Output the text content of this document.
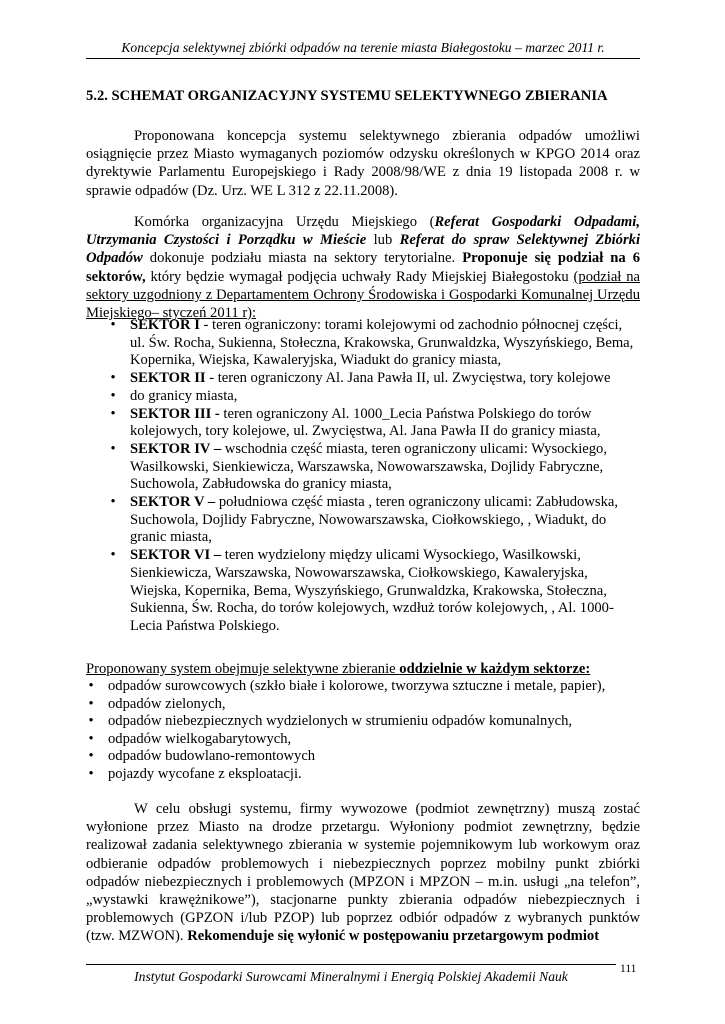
Koncepcja selektywnej zbiórki odpadów na terenie miasta Białegostoku – marzec 2011 r.
5.2. SCHEMAT ORGANIZACYJNY SYSTEMU SELEKTYWNEGO ZBIERANIA
Proponowana koncepcja systemu selektywnego zbierania odpadów umożliwi osiągnięcie przez Miasto wymaganych poziomów odzysku określonych w KPGO 2014 oraz dyrektywie Parlamentu Europejskiego i Rady 2008/98/WE z dnia 19 listopada 2008 r. w sprawie odpadów (Dz. Urz. WE L 312 z 22.11.2008).
Komórka organizacyjna Urzędu Miejskiego (Referat Gospodarki Odpadami, Utrzymania Czystości i Porządku w Mieście lub Referat do spraw Selektywnej Zbiórki Odpadów dokonuje podziału miasta na sektory terytorialne. Proponuje się podział na 6 sektorów, który będzie wymagał podjęcia uchwały Rady Miejskiej Białegostoku (podział na sektory uzgodniony z Departamentem Ochrony Środowiska i Gospodarki Komunalnej Urzędu Miejskiego– styczeń 2011 r):
• SEKTOR I - teren ograniczony: torami kolejowymi od zachodnio północnej części, ul. Św. Rocha, Sukienna, Stołeczna, Krakowska, Grunwaldzka, Wyszyńskiego, Bema, Kopernika, Wiejska, Kawaleryjska, Wiadukt do granicy miasta,
• SEKTOR II - teren ograniczony Al. Jana Pawła II, ul. Zwycięstwa, tory kolejowe
• do granicy miasta,
• SEKTOR III - teren ograniczony Al. 1000_Lecia Państwa Polskiego do torów kolejowych, tory kolejowe, ul. Zwycięstwa, Al. Jana Pawła II do granicy miasta,
• SEKTOR IV – wschodnia część miasta, teren ograniczony ulicami: Wysockiego, Wasilkowski, Sienkiewicza, Warszawska, Nowowarszawska, Dojlidy Fabryczne, Suchowola, Zabłudowska do granicy miasta,
• SEKTOR V – południowa część miasta , teren ograniczony ulicami: Zabłudowska, Suchowola, Dojlidy Fabryczne, Nowowarszawska, Ciołkowskiego, , Wiadukt, do granic miasta,
• SEKTOR VI – teren wydzielony między ulicami Wysockiego, Wasilkowski, Sienkiewicza, Warszawska, Nowowarszawska, Ciołkowskiego, Kawaleryjska, Wiejska, Kopernika, Bema, Wyszyńskiego, Grunwaldzka, Krakowska, Stołeczna, Sukienna, Św. Rocha, do torów kolejowych, wzdłuż torów kolejowych, , Al. 1000- Lecia Państwa Polskiego.
Proponowany system obejmuje selektywne zbieranie oddzielnie w każdym sektorze:
• odpadów surowcowych (szkło białe i kolorowe, tworzywa sztuczne i metale, papier),
• odpadów zielonych,
• odpadów niebezpiecznych wydzielonych w strumieniu odpadów komunalnych,
• odpadów wielkogabarytowych,
• odpadów budowlano-remontowych
• pojazdy wycofane z eksploatacji.
W celu obsługi systemu, firmy wywozowe (podmiot zewnętrzny) muszą zostać wyłonione przez Miasto na drodze przetargu. Wyłoniony podmiot zewnętrzny, będzie realizował zadania selektywnego zbierania w systemie pojemnikowym lub workowym oraz odbieranie odpadów problemowych i niebezpiecznych poprzez mobilny punkt zbiórki odpadów niebezpiecznych i problemowych (MPZON i MPZON – m.in. usługi „na telefon”, „wystawki krawężnikowe”), stacjonarne punkty zbierania odpadów niebezpiecznych i problemowych (GPZON i/lub PZOP) lub poprzez odbiór odpadów z wybranych punktów (tzw. MZWON). Rekomenduje się wyłonić w postępowaniu przetargowym podmiot
Instytut Gospodarki Surowcami Mineralnymi i Energią Polskiej Akademii Nauk	111
